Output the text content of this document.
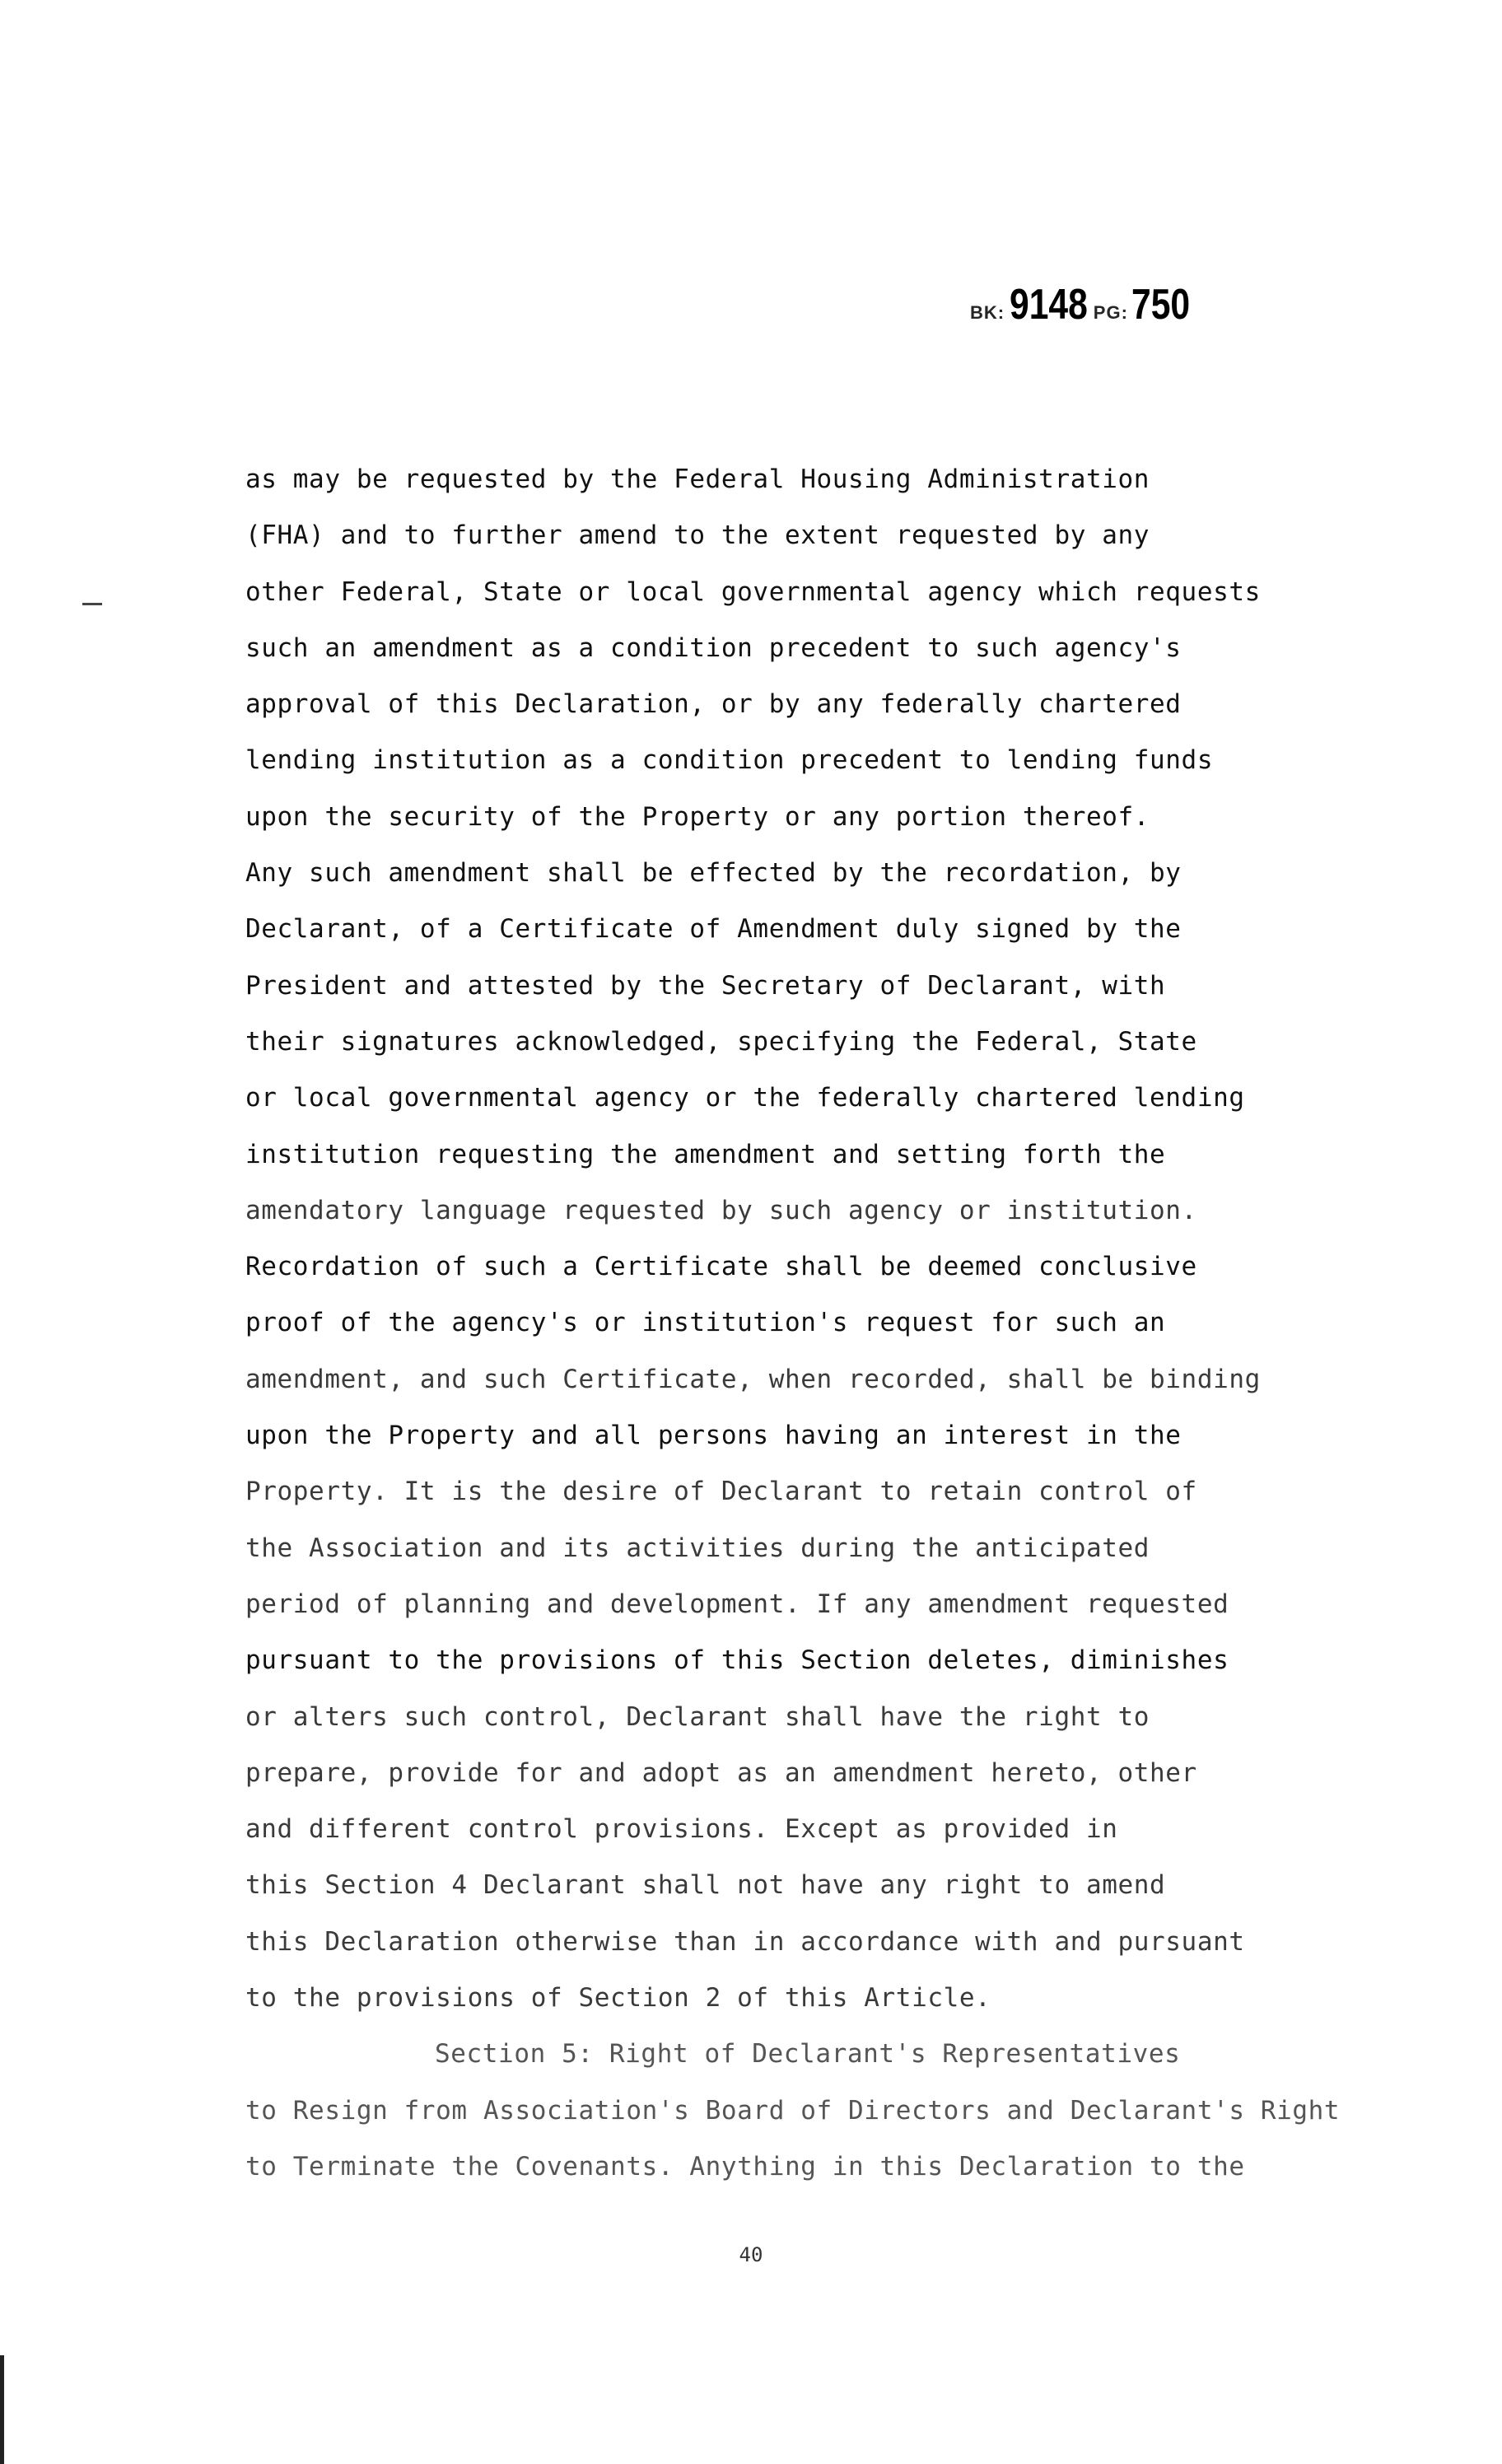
BK: 9148 PG: 750
as may be requested by the Federal Housing Administration
(FHA) and to further amend to the extent requested by any
other Federal, State or local governmental agency which requests
such an amendment as a condition precedent to such agency's
approval of this Declaration, or by any federally chartered
lending institution as a condition precedent to lending funds
upon the security of the Property or any portion thereof.
Any such amendment shall be effected by the recordation, by
Declarant, of a Certificate of Amendment duly signed by the
President and attested by the Secretary of Declarant, with
their signatures acknowledged, specifying the Federal, State
or local governmental agency or the federally chartered lending
institution requesting the amendment and setting forth the
amendatory language requested by such agency or institution.
Recordation of such a Certificate shall be deemed conclusive
proof of the agency's or institution's request for such an
amendment, and such Certificate, when recorded, shall be binding
upon the Property and all persons having an interest in the
Property. It is the desire of Declarant to retain control of
the Association and its activities during the anticipated
period of planning and development. If any amendment requested
pursuant to the provisions of this Section deletes, diminishes
or alters such control, Declarant shall have the right to
prepare, provide for and adopt as an amendment hereto, other
and different control provisions. Except as provided in
this Section 4 Declarant shall not have any right to amend
this Declaration otherwise than in accordance with and pursuant
to the provisions of Section 2 of this Article.
Section 5: Right of Declarant's Representatives
to Resign from Association's Board of Directors and Declarant's Right
to Terminate the Covenants. Anything in this Declaration to the
40
